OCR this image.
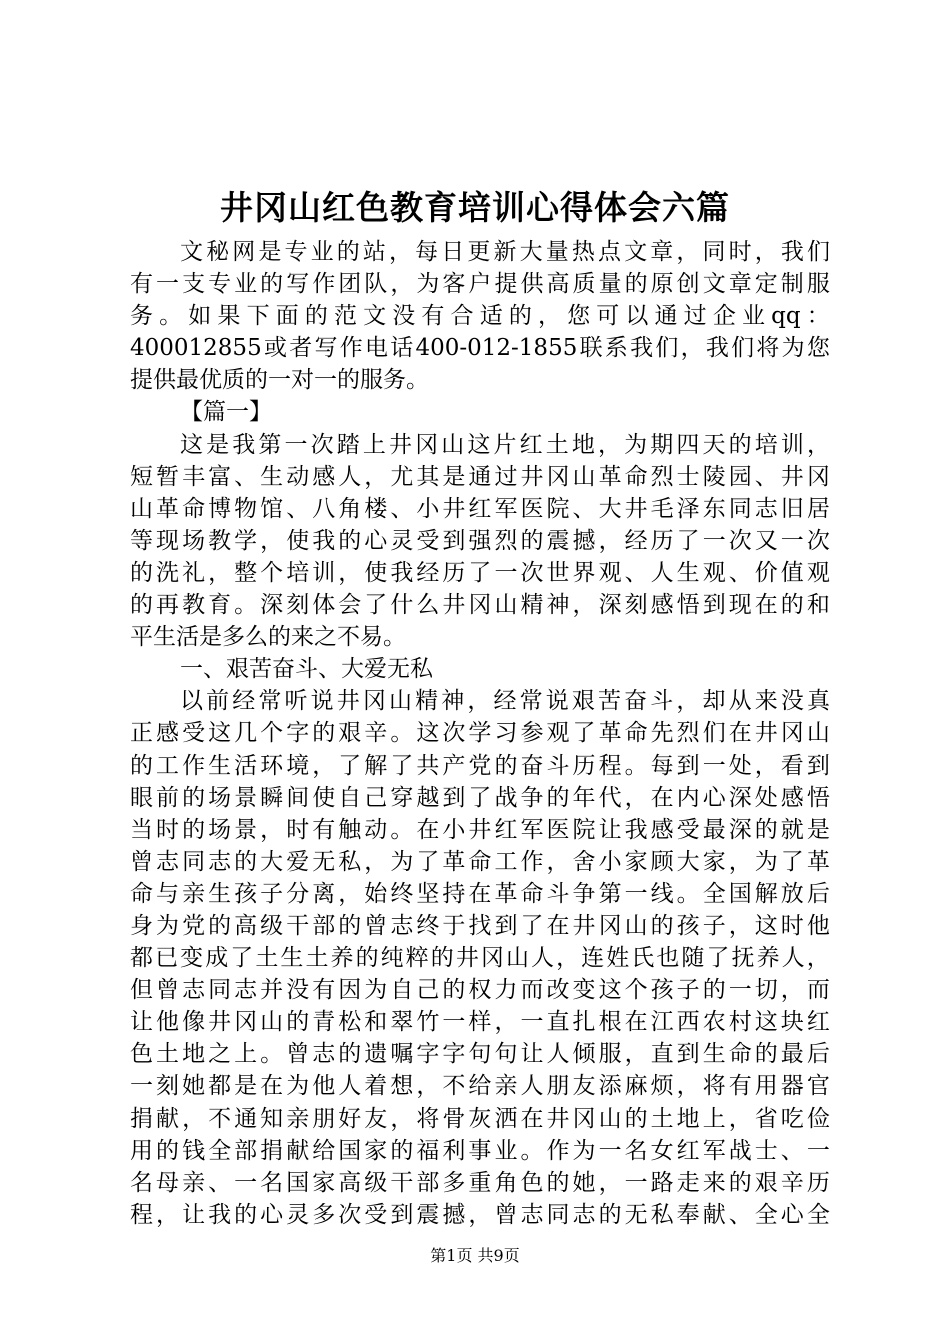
井冈山红色教育培训心得体会六篇
文 秘 网 是 专 业 的 站 ， 每 日 更 新 大 量 热 点 文 章 ， 同 时 ， 我 们
有 一 支 专 业 的 写 作 团 队 ， 为 客 户 提 供 高 质 量 的 原 创 文 章 定 制 服
务 。 如 果 下 面 的 范 文 没 有 合 适 的 ， 您 可 以 通 过 企 业 qq ：
400012855 或 者 写 作 电 话 400-012-1855 联 系 我 们 ， 我 们 将 为 您
提供最优质的一对一的服务。
【篇一】
这 是 我 第 一 次 踏 上 井 冈 山 这 片 红 土 地 ， 为 期 四 天 的 培 训 ，
短 暂 丰 富 、 生 动 感 人 ， 尤 其 是 通 过 井 冈 山 革 命 烈 士 陵 园 、 井 冈
山 革 命 博 物 馆 、 八 角 楼 、 小 井 红 军 医 院 、 大 井 毛 泽 东 同 志 旧 居
等 现 场 教 学 ， 使 我 的 心 灵 受 到 强 烈 的 震 撼 ， 经 历 了 一 次 又 一 次
的 洗 礼 ， 整 个 培 训 ， 使 我 经 历 了 一 次 世 界 观 、 人 生 观 、 价 值 观
的 再 教 育 。 深 刻 体 会 了 什 么 井 冈 山 精 神 ， 深 刻 感 悟 到 现 在 的 和
平生活是多么的来之不易。
一、艰苦奋斗、大爱无私
以 前 经 常 听 说 井 冈 山 精 神 ， 经 常 说 艰 苦 奋 斗 ， 却 从 来 没 真
正 感 受 这 几 个 字 的 艰 辛 。 这 次 学 习 参 观 了 革 命 先 烈 们 在 井 冈 山
的 工 作 生 活 环 境 ， 了 解 了 共 产 党 的 奋 斗 历 程 。 每 到 一 处 ， 看 到
眼 前 的 场 景 瞬 间 使 自 己 穿 越 到 了 战 争 的 年 代 ， 在 内 心 深 处 感 悟
当 时 的 场 景 ， 时 有 触 动 。 在 小 井 红 军 医 院 让 我 感 受 最 深 的 就 是
曾 志 同 志 的 大 爱 无 私 ， 为 了 革 命 工 作 ， 舍 小 家 顾 大 家 ， 为 了 革
命 与 亲 生 孩 子 分 离 ， 始 终 坚 持 在 革 命 斗 争 第 一 线 。 全 国 解 放 后
身 为 党 的 高 级 干 部 的 曾 志 终 于 找 到 了 在 井 冈 山 的 孩 子 ， 这 时 他
都 已 变 成 了 土 生 土 养 的 纯 粹 的 井 冈 山 人 ， 连 姓 氏 也 随 了 抚 养 人 ，
但 曾 志 同 志 并 没 有 因 为 自 己 的 权 力 而 改 变 这 个 孩 子 的 一 切 ， 而
让 他 像 井 冈 山 的 青 松 和 翠 竹 一 样 ， 一 直 扎 根 在 江 西 农 村 这 块 红
色 土 地 之 上 。 曾 志 的 遗 嘱 字 字 句 句 让 人 倾 服 ， 直 到 生 命 的 最 后
一 刻 她 都 是 在 为 他 人 着 想 ， 不 给 亲 人 朋 友 添 麻 烦 ， 将 有 用 器 官
捐 献 ， 不 通 知 亲 朋 好 友 ， 将 骨 灰 洒 在 井 冈 山 的 土 地 上 ， 省 吃 俭
用 的 钱 全 部 捐 献 给 国 家 的 福 利 事 业 。 作 为 一 名 女 红 军 战 士 、 一
名 母 亲 、 一 名 国 家 高 级 干 部 多 重 角 色 的 她 ， 一 路 走 来 的 艰 辛 历
程 ， 让 我 的 心 灵 多 次 受 到 震 撼 ， 曾 志 同 志 的 无 私 奉 献 、 全 心 全
第1页 共9页
